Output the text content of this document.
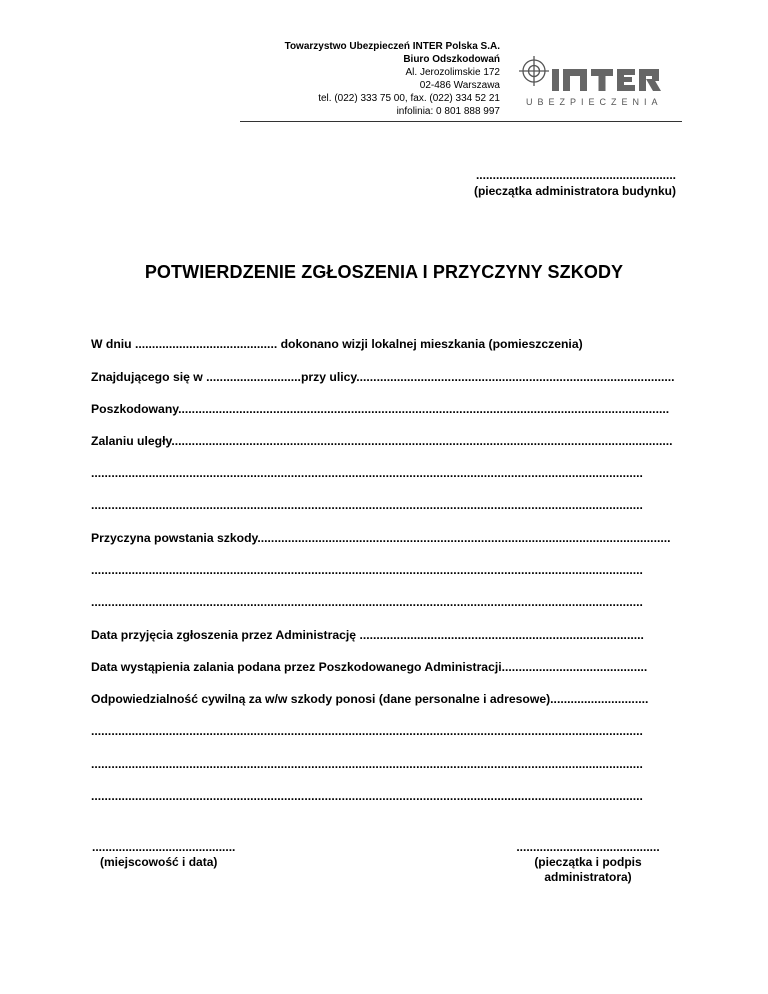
Towarzystwo Ubezpieczeń INTER Polska S.A.
Biuro Odszkodowań
Al. Jerozolimskie 172
02-486 Warszawa
tel. (022) 333 75 00, fax. (022) 334 52 21
infolinia: 0 801 888 997
UBEZPIECZENIA
............................................................
(pieczątka administratora budynku)
POTWIERDZENIE ZGŁOSZENIA I PRZYCZYNY SZKODY
W dniu .......................................... dokonano wizji lokalnej mieszkania (pomieszczenia)
Znajdującego się w ............................przy ulicy..............................................................................................
Poszkodowany.................................................................................................................................................
Zalaniu uległy....................................................................................................................................................
...................................................................................................................................................................
...................................................................................................................................................................
Przyczyna powstania szkody..........................................................................................................................
...................................................................................................................................................................
...................................................................................................................................................................
Data przyjęcia zgłoszenia przez Administrację ....................................................................................
Data wystąpienia zalania podana przez Poszkodowanego Administracji...........................................
Odpowiedzialność cywilną za w/w szkody ponosi (dane personalne i adresowe).............................
...................................................................................................................................................................
...................................................................................................................................................................
...................................................................................................................................................................
...........................................
(miejscowość i data)
...........................................
(pieczątka i podpis
administratora)
